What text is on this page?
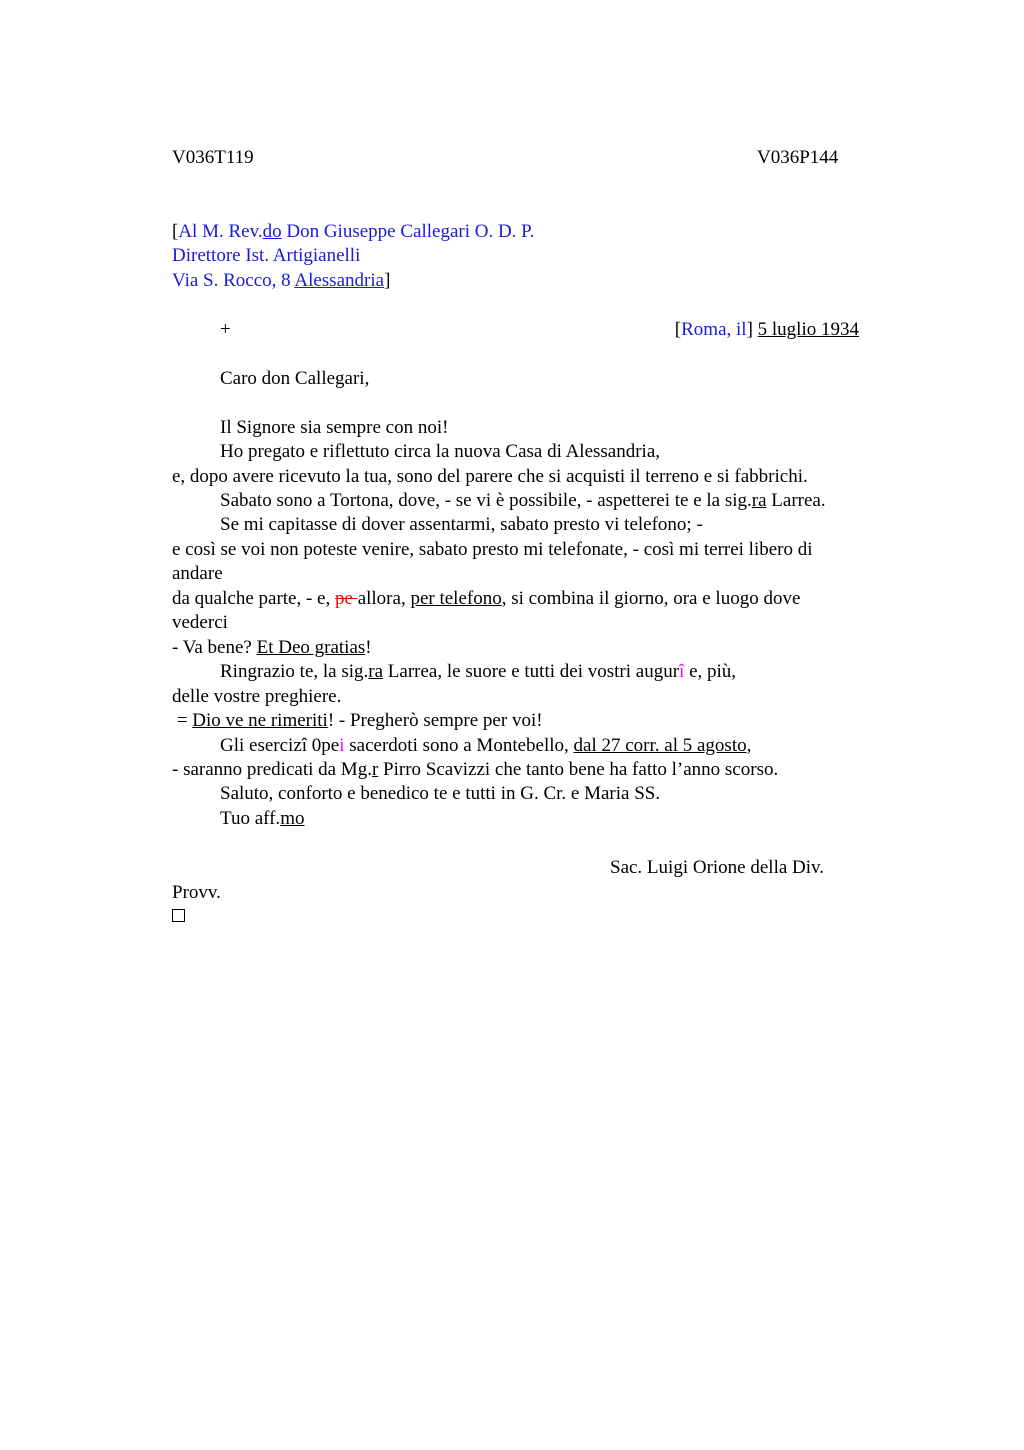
V036T119	V036P144
[Al M. Rev.do Don Giuseppe Callegari O. D. P.
Direttore Ist. Artigianelli
Via S. Rocco, 8 Alessandria]
+	[Roma, il] 5 luglio 1934
Caro don Callegari,
Il Signore sia sempre con noi!
Ho pregato e riflettuto circa la nuova Casa di Alessandria,
e, dopo avere ricevuto la tua, sono del parere che si acquisti il terreno e si fabbrichi.
Sabato sono a Tortona, dove, - se vi è possibile, - aspetterei te e la sig.ra Larrea.
Se mi capitasse di dover assentarmi, sabato presto vi telefono; -
e così se voi non poteste venire, sabato presto mi telefonate, - così mi terrei libero di
andare
da qualche parte, - e, pe allora, per telefono, si combina il giorno, ora e luogo dove
vederci
- Va bene? Et Deo gratias!
Ringrazio te, la sig.ra Larrea, le suore e tutti dei vostri augurî e, più,
delle vostre preghiere.
= Dio ve ne rimeriti! - Pregherò sempre per voi!
Gli esercizî 0pei sacerdoti sono a Montebello, dal 27 corr. al 5 agosto,
- saranno predicati da Mg.r Pirro Scavizzi che tanto bene ha fatto l’anno scorso.
Saluto, conforto e benedico te e tutti in G. Cr. e Maria SS.
Tuo aff.mo
Sac. Luigi Orione della Div.
Provv.
